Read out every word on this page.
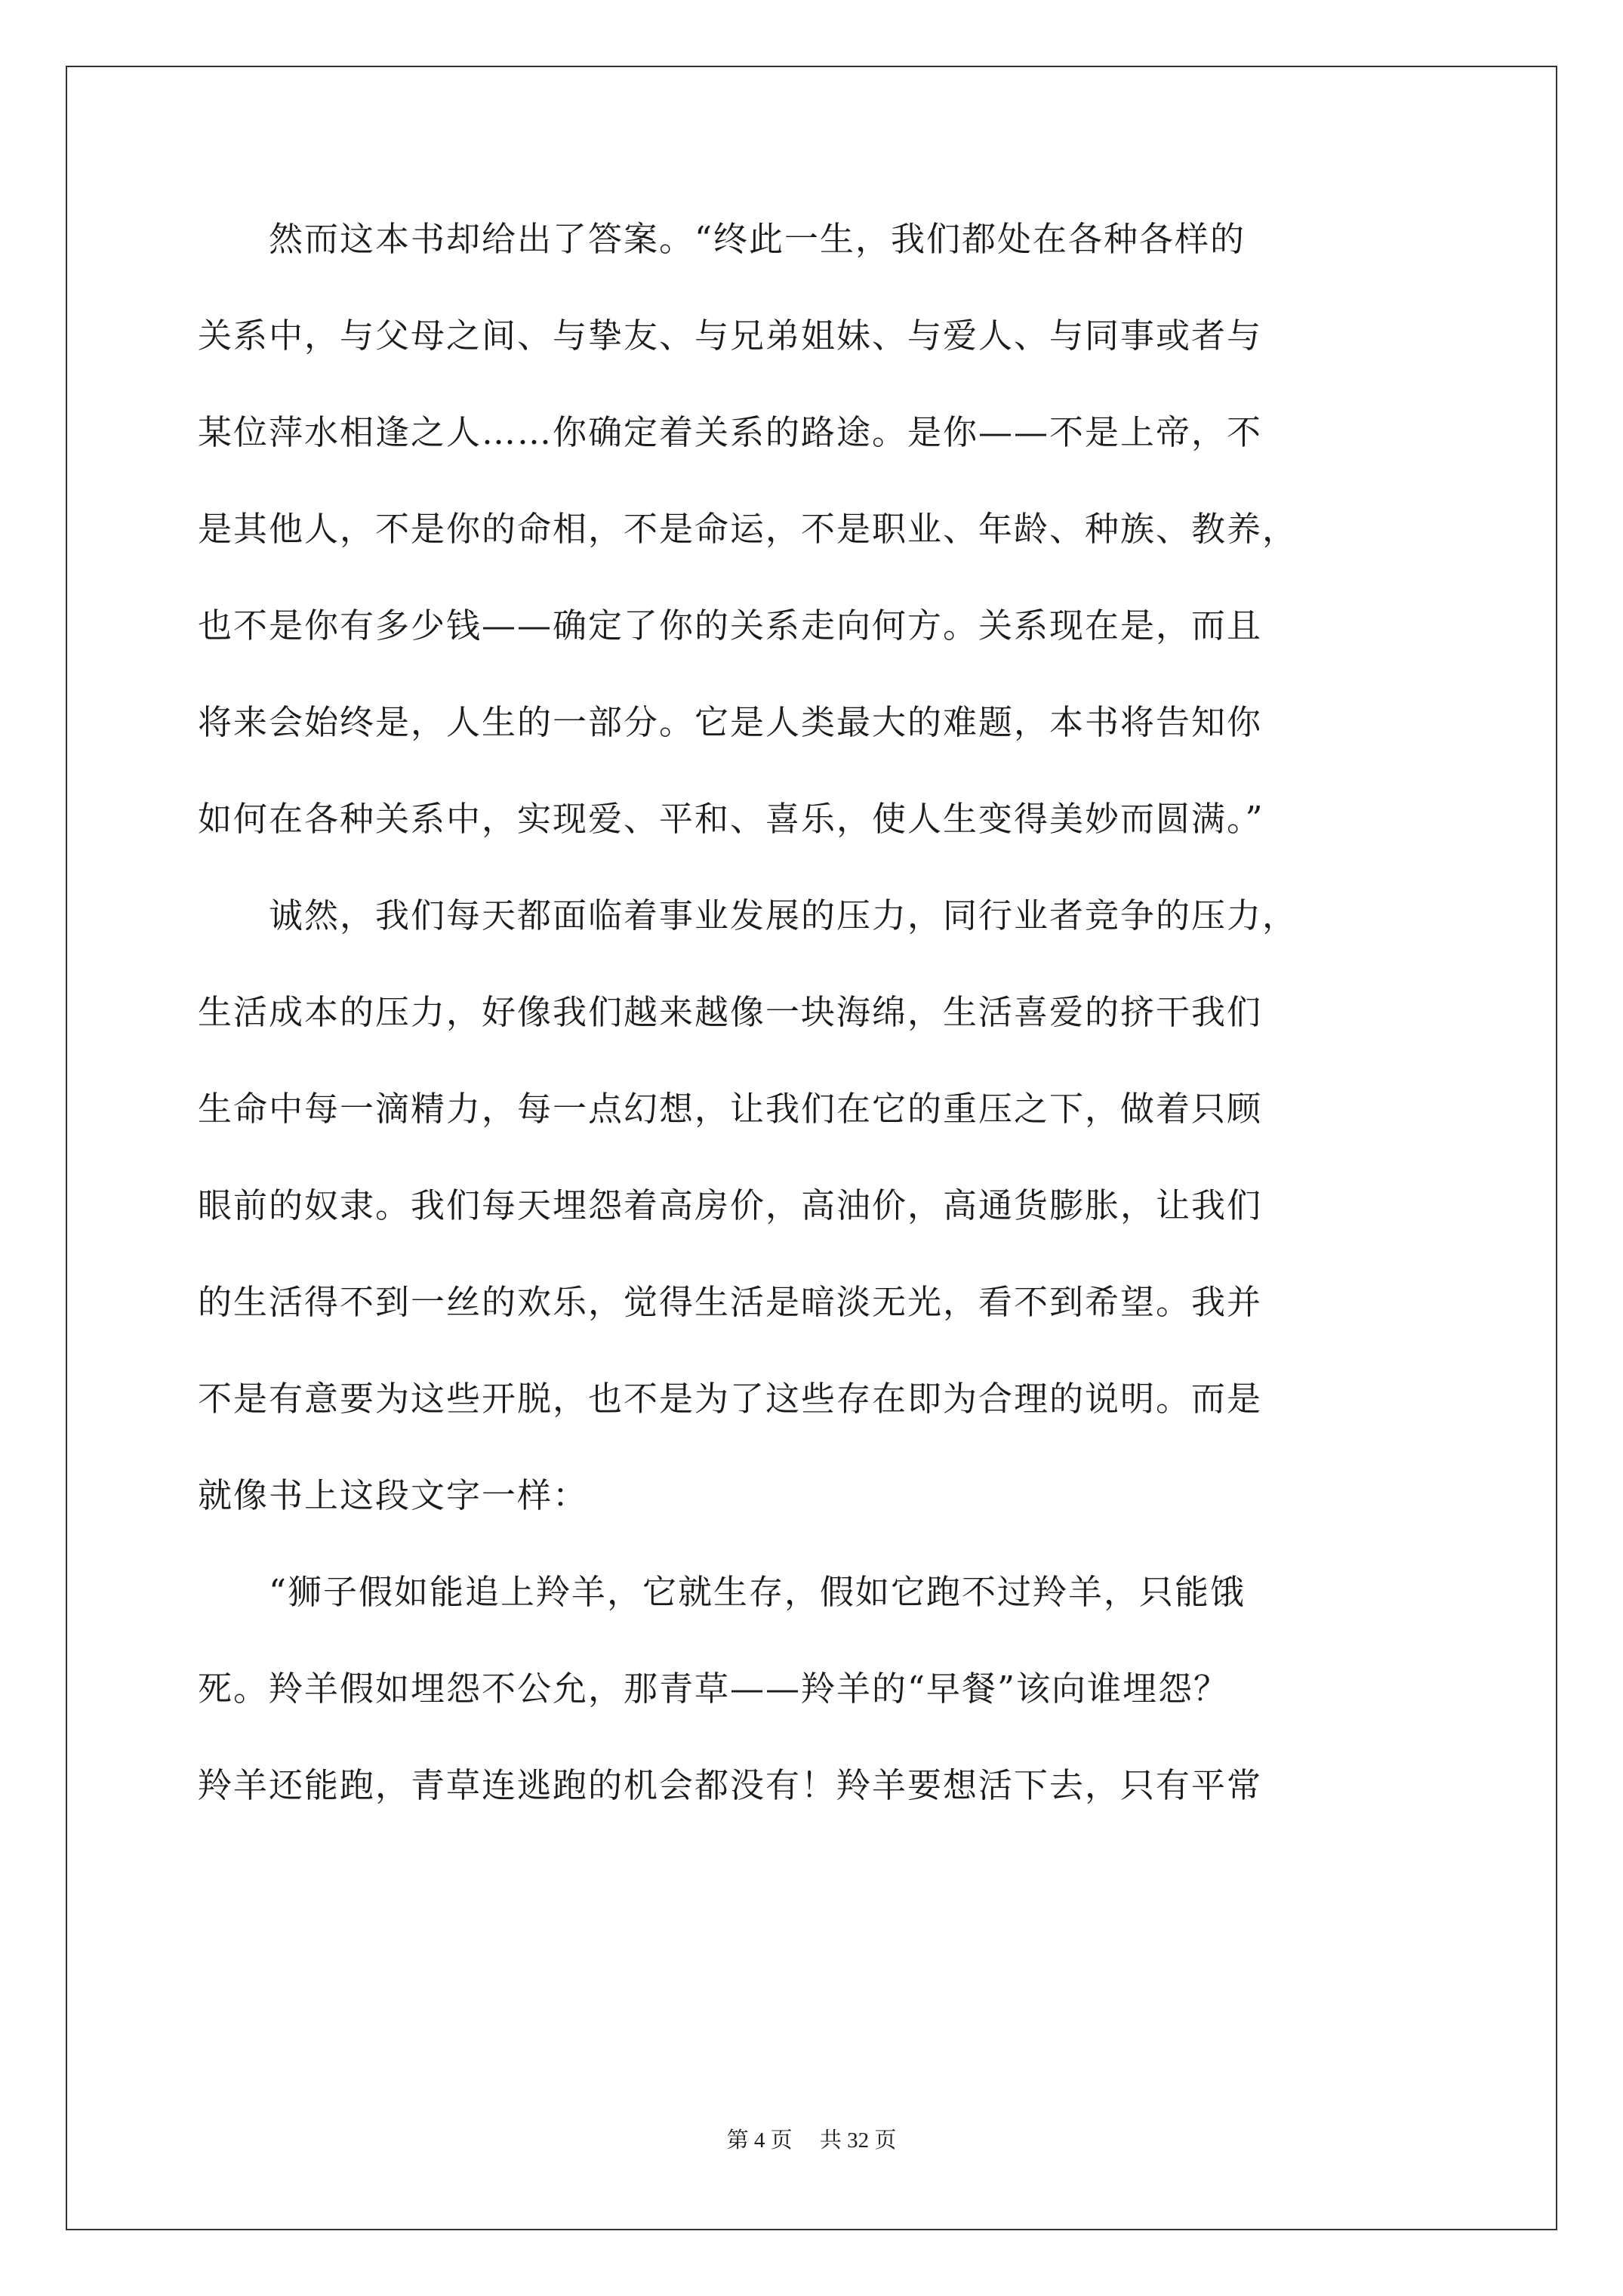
　　然而这本书却给出了答案。“终此一生，我们都处在各种各样的

关系中，与父母之间、与挚友、与兄弟姐妹、与爱人、与同事或者与

某位萍水相逢之人……你确定着关系的路途。是你——不是上帝，不

是其他人，不是你的命相，不是命运，不是职业、年龄、种族、教养，

也不是你有多少钱——确定了你的关系走向何方。关系现在是，而且

将来会始终是，人生的一部分。它是人类最大的难题，本书将告知你

如何在各种关系中，实现爱、平和、喜乐，使人生变得美妙而圆满。”

　　诚然，我们每天都面临着事业发展的压力，同行业者竞争的压力，

生活成本的压力，好像我们越来越像一块海绵，生活喜爱的挤干我们

生命中每一滴精力，每一点幻想，让我们在它的重压之下，做着只顾

眼前的奴隶。我们每天埋怨着高房价，高油价，高通货膨胀，让我们

的生活得不到一丝的欢乐，觉得生活是暗淡无光，看不到希望。我并

不是有意要为这些开脱，也不是为了这些存在即为合理的说明。而是

就像书上这段文字一样：

　　“狮子假如能追上羚羊，它就生存，假如它跑不过羚羊，只能饿

死。羚羊假如埋怨不公允，那青草——羚羊的“早餐”该向谁埋怨？

羚羊还能跑，青草连逃跑的机会都没有！羚羊要想活下去，只有平常

第 4 页　 共 32 页
